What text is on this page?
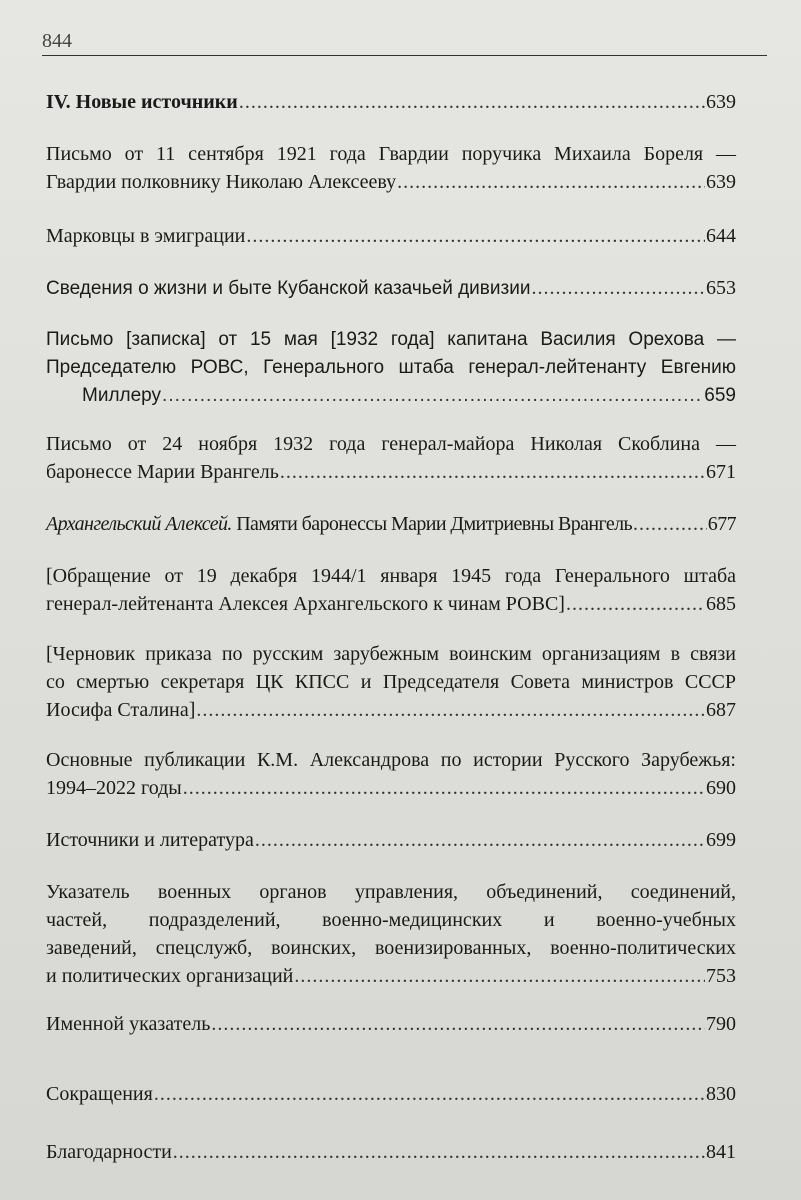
844
IV. Новые источники .....	639
Письмо от 11 сентября 1921 года Гвардии поручика Михаила Бореля —
Гвардии полковнику Николаю Алексееву .....	639
Марковцы в эмиграции .....	644
Сведения о жизни и быте Кубанской казачьей дивизии .....	653
Письмо [записка] от 15 мая [1932 года] капитана Василия Орехова —
Председателю РОВС, Генерального штаба генерал-лейтенанту Евгению
Миллеру .....	659
Письмо от 24 ноября 1932 года генерал-майора Николая Скоблина —
баронессе Марии Врангель .....	671
Архангельский Алексей. Памяти баронессы Марии Дмитриевны Врангель .....	677
[Обращение от 19 декабря 1944/1 января 1945 года Генерального штаба
генерал-лейтенанта Алексея Архангельского к чинам РОВС] .....	685
[Черновик приказа по русским зарубежным воинским организациям в связи
со смертью секретаря ЦК КПСС и Председателя Совета министров СССР
Иосифа Сталина] .....	687
Основные публикации К.М. Александрова по истории Русского Зарубежья:
1994–2022 годы .....	690
Источники и литература .....	699
Указатель военных органов управления, объединений, соединений,
частей, подразделений, военно-медицинских и военно-учебных
заведений, спецслужб, воинских, военизированных, военно-политических
и политических организаций .....	753
Именной указатель .....	790
Сокращения .....	830
Благодарности .....	841
